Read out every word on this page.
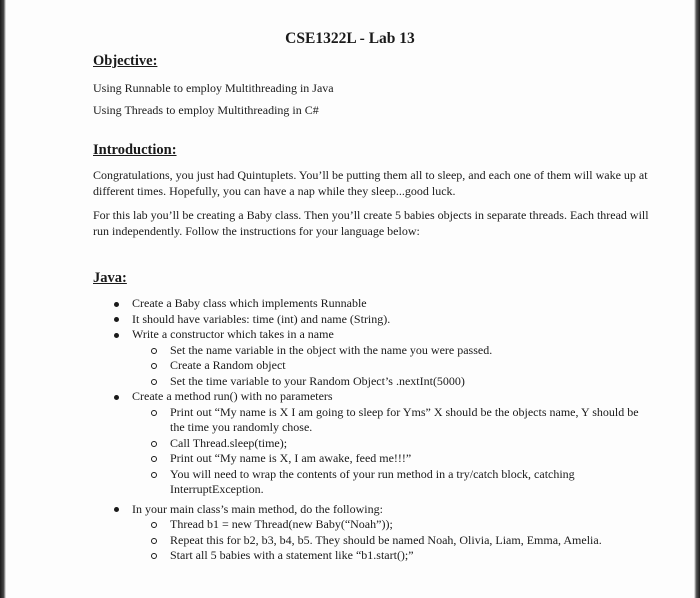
CSE1322L - Lab 13
Objective:
Using Runnable to employ Multithreading in Java
Using Threads to employ Multithreading in C#
Introduction:
Congratulations, you just had Quintuplets. You’ll be putting them all to sleep, and each one of them will wake up at different times. Hopefully, you can have a nap while they sleep...good luck.
For this lab you’ll be creating a Baby class. Then you’ll create 5 babies objects in separate threads. Each thread will run independently. Follow the instructions for your language below:
Java:
Create a Baby class which implements Runnable
It should have variables: time (int) and name (String).
Write a constructor which takes in a name
Set the name variable in the object with the name you were passed.
Create a Random object
Set the time variable to your Random Object’s .nextInt(5000)
Create a method run() with no parameters
Print out “My name is X I am going to sleep for Yms” X should be the objects name, Y should be the time you randomly chose.
Call Thread.sleep(time);
Print out “My name is X, I am awake, feed me!!!”
You will need to wrap the contents of your run method in a try/catch block, catching InterruptException.
In your main class’s main method, do the following:
Thread b1 = new Thread(new Baby(“Noah”));
Repeat this for b2, b3, b4, b5. They should be named Noah, Olivia, Liam, Emma, Amelia.
Start all 5 babies with a statement like “b1.start();”
